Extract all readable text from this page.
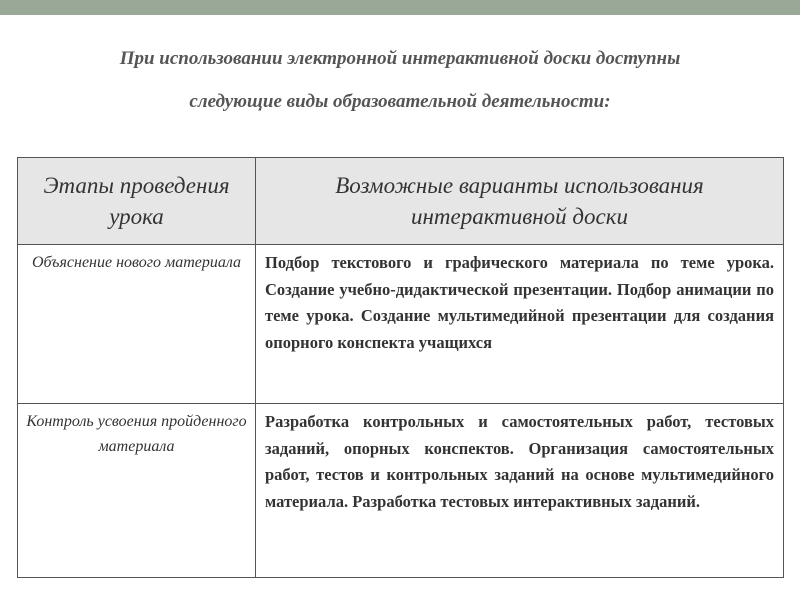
При использовании электронной интерактивной доски доступны
следующие виды образовательной деятельности:
Этапы проведения урока	Возможные варианты использования интерактивной доски
Объяснение нового материала	Подбор текстового и графического материала по теме урока. Создание учебно-дидактической презентации. Подбор анимации по теме урока. Создание мультимедийной презентации для создания опорного конспекта учащихся
Контроль усвоения пройденного материала	Разработка контрольных и самостоятельных работ, тестовых заданий, опорных конспектов. Организация самостоятельных работ, тестов и контрольных заданий на основе мультимедийного материала. Разработка тестовых интерактивных заданий.
